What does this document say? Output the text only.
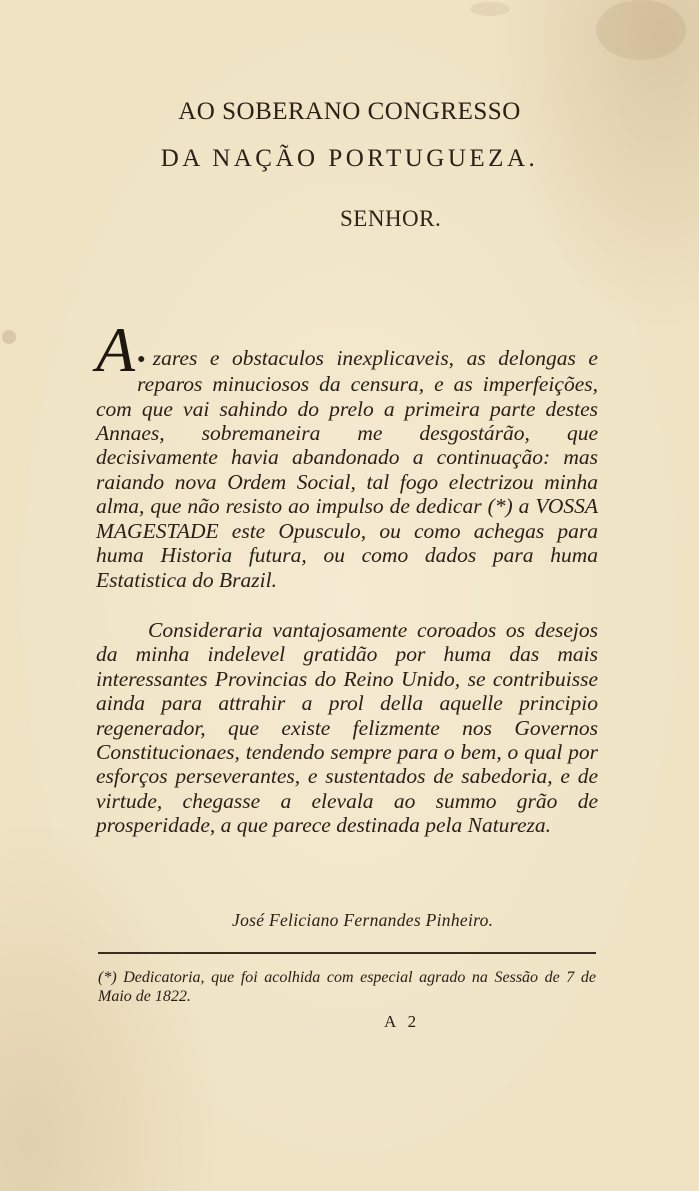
AO SOBERANO CONGRESSO
DA NAÇÃO PORTUGUEZA.
SENHOR.

●
A zares e obstaculos inexplicaveis, as delongas e reparos minuciosos da censura, e as imperfeições, com que vai sahindo do prelo a primeira parte destes Annaes, sobremaneira me desgostárão, que decisivamente havia abandonado a continuação: mas raiando nova Ordem Social, tal fogo electrizou minha alma, que não resisto ao impulso de dedicar (*) a VOSSA MAGESTADE este Opusculo, ou como achegas para huma Historia futura, ou como dados para huma Estatistica do Brazil.

Consideraria vantajosamente coroados os desejos da minha indelevel gratidão por huma das mais interessantes Provincias do Reino Unido, se contribuisse ainda para attrahir a prol della aquelle principio regenerador, que existe felizmente nos Governos Constitucionaes, tendendo sempre para o bem, o qual por esforços perseverantes, e sustentados de sabedoria, e de virtude, chegasse a elevala ao summo grão de prosperidade, a que parece destinada pela Natureza.

José Feliciano Fernandes Pinheiro.

(*) Dedicatoria, que foi acolhida com especial agrado na Sessão de 7 de Maio de 1822.

A 2
